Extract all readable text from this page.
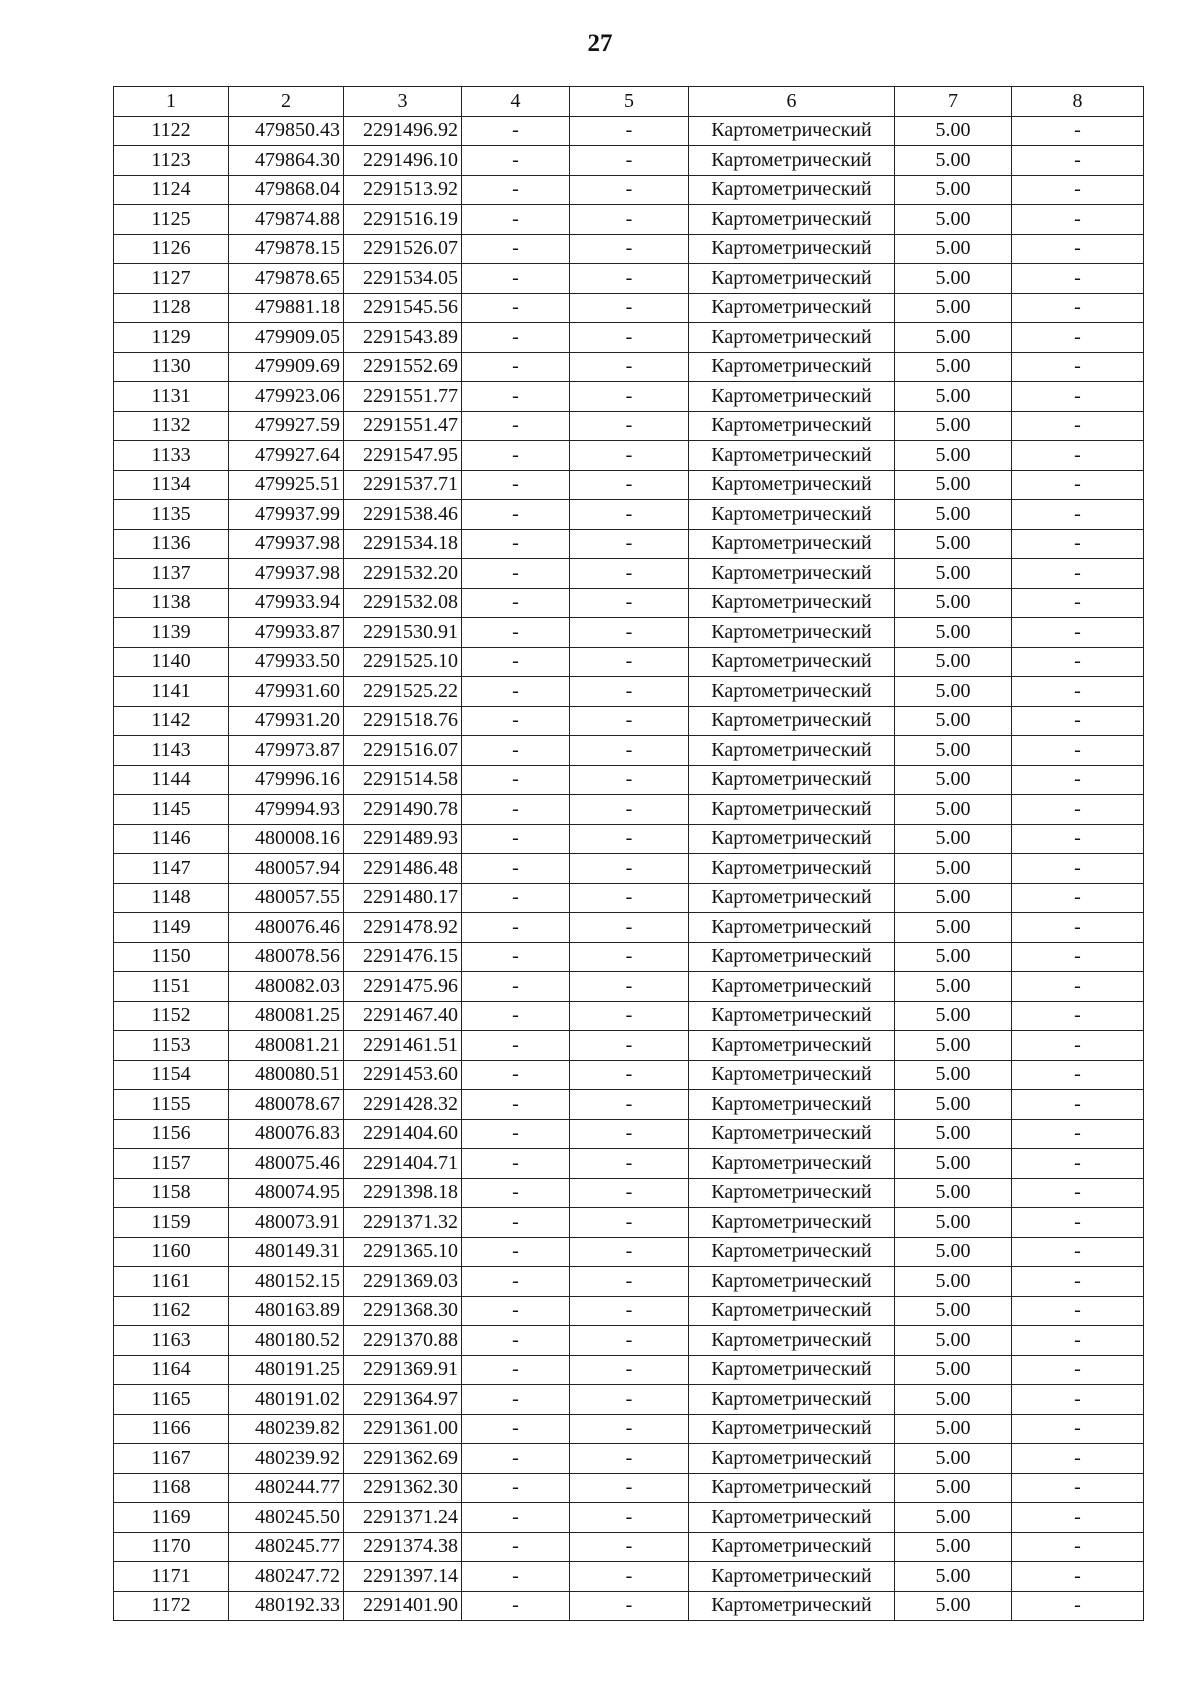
27
1	2	3	4	5	6	7	8
1122	479850.43	2291496.92	-	-	Картометрический	5.00	-
1123	479864.30	2291496.10	-	-	Картометрический	5.00	-
1124	479868.04	2291513.92	-	-	Картометрический	5.00	-
1125	479874.88	2291516.19	-	-	Картометрический	5.00	-
1126	479878.15	2291526.07	-	-	Картометрический	5.00	-
1127	479878.65	2291534.05	-	-	Картометрический	5.00	-
1128	479881.18	2291545.56	-	-	Картометрический	5.00	-
1129	479909.05	2291543.89	-	-	Картометрический	5.00	-
1130	479909.69	2291552.69	-	-	Картометрический	5.00	-
1131	479923.06	2291551.77	-	-	Картометрический	5.00	-
1132	479927.59	2291551.47	-	-	Картометрический	5.00	-
1133	479927.64	2291547.95	-	-	Картометрический	5.00	-
1134	479925.51	2291537.71	-	-	Картометрический	5.00	-
1135	479937.99	2291538.46	-	-	Картометрический	5.00	-
1136	479937.98	2291534.18	-	-	Картометрический	5.00	-
1137	479937.98	2291532.20	-	-	Картометрический	5.00	-
1138	479933.94	2291532.08	-	-	Картометрический	5.00	-
1139	479933.87	2291530.91	-	-	Картометрический	5.00	-
1140	479933.50	2291525.10	-	-	Картометрический	5.00	-
1141	479931.60	2291525.22	-	-	Картометрический	5.00	-
1142	479931.20	2291518.76	-	-	Картометрический	5.00	-
1143	479973.87	2291516.07	-	-	Картометрический	5.00	-
1144	479996.16	2291514.58	-	-	Картометрический	5.00	-
1145	479994.93	2291490.78	-	-	Картометрический	5.00	-
1146	480008.16	2291489.93	-	-	Картометрический	5.00	-
1147	480057.94	2291486.48	-	-	Картометрический	5.00	-
1148	480057.55	2291480.17	-	-	Картометрический	5.00	-
1149	480076.46	2291478.92	-	-	Картометрический	5.00	-
1150	480078.56	2291476.15	-	-	Картометрический	5.00	-
1151	480082.03	2291475.96	-	-	Картометрический	5.00	-
1152	480081.25	2291467.40	-	-	Картометрический	5.00	-
1153	480081.21	2291461.51	-	-	Картометрический	5.00	-
1154	480080.51	2291453.60	-	-	Картометрический	5.00	-
1155	480078.67	2291428.32	-	-	Картометрический	5.00	-
1156	480076.83	2291404.60	-	-	Картометрический	5.00	-
1157	480075.46	2291404.71	-	-	Картометрический	5.00	-
1158	480074.95	2291398.18	-	-	Картометрический	5.00	-
1159	480073.91	2291371.32	-	-	Картометрический	5.00	-
1160	480149.31	2291365.10	-	-	Картометрический	5.00	-
1161	480152.15	2291369.03	-	-	Картометрический	5.00	-
1162	480163.89	2291368.30	-	-	Картометрический	5.00	-
1163	480180.52	2291370.88	-	-	Картометрический	5.00	-
1164	480191.25	2291369.91	-	-	Картометрический	5.00	-
1165	480191.02	2291364.97	-	-	Картометрический	5.00	-
1166	480239.82	2291361.00	-	-	Картометрический	5.00	-
1167	480239.92	2291362.69	-	-	Картометрический	5.00	-
1168	480244.77	2291362.30	-	-	Картометрический	5.00	-
1169	480245.50	2291371.24	-	-	Картометрический	5.00	-
1170	480245.77	2291374.38	-	-	Картометрический	5.00	-
1171	480247.72	2291397.14	-	-	Картометрический	5.00	-
1172	480192.33	2291401.90	-	-	Картометрический	5.00	-
